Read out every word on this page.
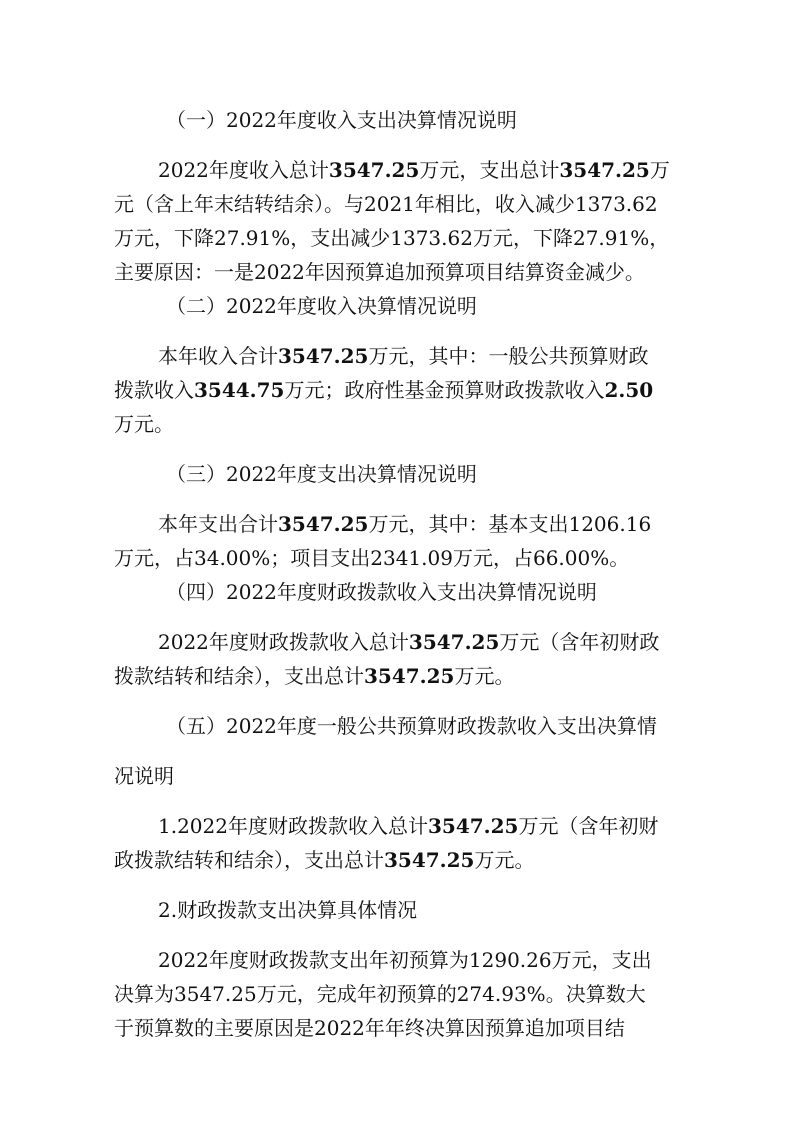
（一）2022年度收入支出决算情况说明

2022年度收入总计3547.25万元，支出总计3547.25万

元（含上年末结转结余）。与2021年相比，收入减少1373.62

万元，下降27.91%，支出减少1373.62万元，下降27.91%，

主要原因：一是2022年因预算追加预算项目结算资金减少。

（二）2022年度收入决算情况说明

本年收入合计3547.25万元，其中：一般公共预算财政

拨款收入3544.75万元；政府性基金预算财政拨款收入2.50

万元。

（三）2022年度支出决算情况说明

本年支出合计3547.25万元，其中：基本支出1206.16

万元，占34.00%；项目支出2341.09万元，占66.00%。

（四）2022年度财政拨款收入支出决算情况说明

2022年度财政拨款收入总计3547.25万元（含年初财政

拨款结转和结余），支出总计3547.25万元。

（五）2022年度一般公共预算财政拨款收入支出决算情

况说明

1.2022年度财政拨款收入总计3547.25万元（含年初财

政拨款结转和结余），支出总计3547.25万元。

2.财政拨款支出决算具体情况

2022年度财政拨款支出年初预算为1290.26万元，支出

决算为3547.25万元，完成年初预算的274.93%。决算数大

于预算数的主要原因是2022年年终决算因预算追加项目结
